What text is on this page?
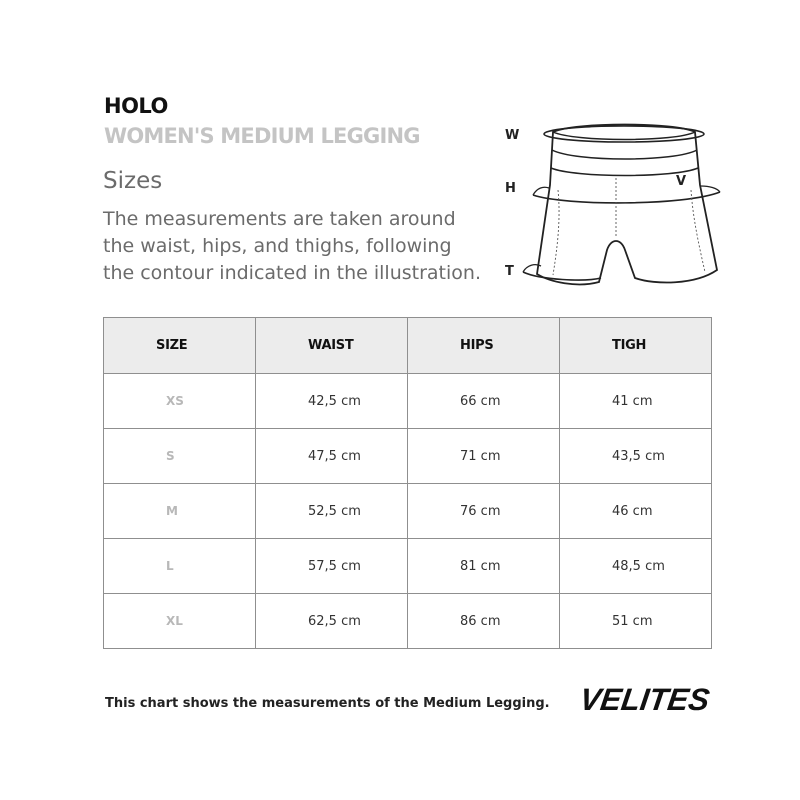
HOLO
WOMEN'S MEDIUM LEGGING
Sizes

The measurements are taken around the waist, hips, and thighs, following the contour indicated in the illustration.

W
H
T
V
SIZE	WAIST	HIPS	TIGH
XS	42,5 cm	66 cm	41 cm
S	47,5 cm	71 cm	43,5 cm
M	52,5 cm	76 cm	46 cm
L	57,5 cm	81 cm	48,5 cm
XL	62,5 cm	86 cm	51 cm

This chart shows the measurements of the Medium Legging. VELITES
